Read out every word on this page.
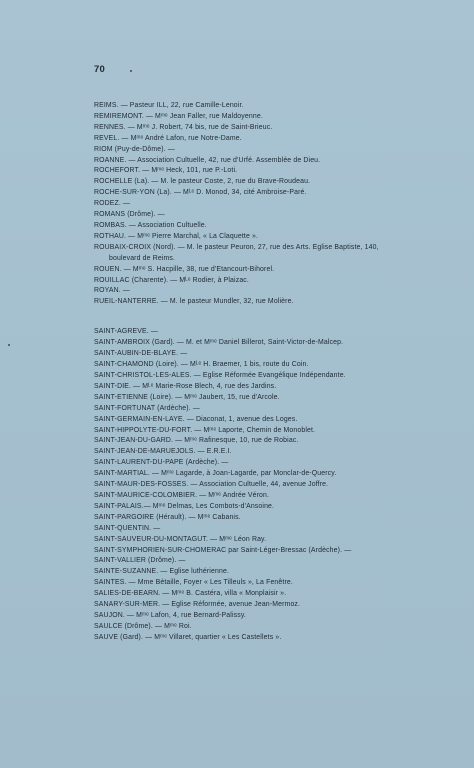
70
REIMS. — Pasteur ILL, 22, rue Camille-Lenoir.
REMIREMONT. — Mᵐᵉ Jean Faller, rue Maldoyenne.
RENNES. — Mᵐᵉ J. Robert, 74 bis, rue de Saint-Brieuc.
REVEL. — Mᵐᵉ André Lafon, rue Notre-Dame.
RIOM (Puy-de-Dôme). —
ROANNE. — Association Cultuelle, 42, rue d'Urfé. Assemblée de Dieu.
ROCHEFORT. — Mᵐᵉ Heck, 101, rue P.-Loti.
ROCHELLE (La). — M. le pasteur Coste, 2, rue du Brave-Roudeau.
ROCHE-SUR-YON (La). — Mᴸᵉ D. Monod, 34, cité Ambroise-Paré.
RODEZ. —
ROMANS (Drôme). —
ROMBAS. — Association Cultuelle.
ROTHAU. — Mᵐᵉ Pierre Marchal, « La Claquette ».
ROUBAIX-CROIX (Nord). — M. le pasteur Peuron, 27, rue des Arts. Eglise Baptiste, 140,
boulevard de Reims.
ROUEN. — Mᵐᵉ S. Hacpille, 38, rue d'Etancourt-Bihorel.
ROUILLAC (Charente). — Mᴸᵉ Rodier, à Plaizac.
ROYAN. —
RUEIL-NANTERRE. — M. le pasteur Mundler, 32, rue Molière.
SAINT-AGREVE. —
SAINT-AMBROIX (Gard). — M. et Mᵐᵉ Daniel Billerot, Saint-Victor-de-Malcep.
SAINT-AUBIN-DE-BLAYE. —
SAINT-CHAMOND (Loire). — Mᴸᵉ H. Braemer, 1 bis, route du Coin.
SAINT-CHRISTOL-LES-ALES. — Eglise Réformée Evangélique Indépendante.
SAINT-DIE. — Mᴸᵉ Marie-Rose Blech, 4, rue des Jardins.
SAINT-ETIENNE (Loire). — Mᵐᵉ Jaubert, 15, rue d'Arcole.
SAINT-FORTUNAT (Ardèche). —
SAINT-GERMAIN-EN-LAYE. — Diaconat, 1, avenue des Loges.
SAINT-HIPPOLYTE-DU-FORT. — Mᵐᵉ Laporte, Chemin de Monoblet.
SAINT-JEAN-DU-GARD. — Mᵐᵉ Rafinesque, 10, rue de Robiac.
SAINT-JEAN-DE-MARUEJOLS. — E.R.E.I.
SAINT-LAURENT-DU-PAPE (Ardèche). —
SAINT-MARTIAL. — Mᵐᵉ Lagarde, à Joan-Lagarde, par Monclar-de-Quercy.
SAINT-MAUR-DES-FOSSES. — Association Cultuelle, 44, avenue Joffre.
SAINT-MAURICE-COLOMBIER. — Mᵐᵉ Andrée Véron.
SAINT-PALAIS.— Mᵐᵉ Delmas, Les Combots-d'Ansoine.
SAINT-PARGOIRE (Hérault). — Mᵐᵉ Cabanis.
SAINT-QUENTIN. —
SAINT-SAUVEUR-DU-MONTAGUT. — Mᵐᵉ Léon Ray.
SAINT-SYMPHORIEN-SUR-CHOMERAC par Saint-Léger-Bressac (Ardèche). —
SAINT-VALLIER (Drôme). —
SAINTE-SUZANNE. — Eglise luthérienne.
SAINTES. — Mme Bétaille, Foyer « Les Tilleuls », La Fenêtre.
SALIES-DE-BEARN. — Mᵐᵉ B. Castéra, villa « Monplaisir ».
SANARY-SUR-MER. — Eglise Réformée, avenue Jean-Mermoz.
SAUJON. — Mᵐᵉ Lafon, 4, rue Bernard-Palissy.
SAULCE (Drôme). — Mᵐᵉ Roi.
SAUVE (Gard). — Mᵐᵉ Villaret, quartier « Les Castellets ».
